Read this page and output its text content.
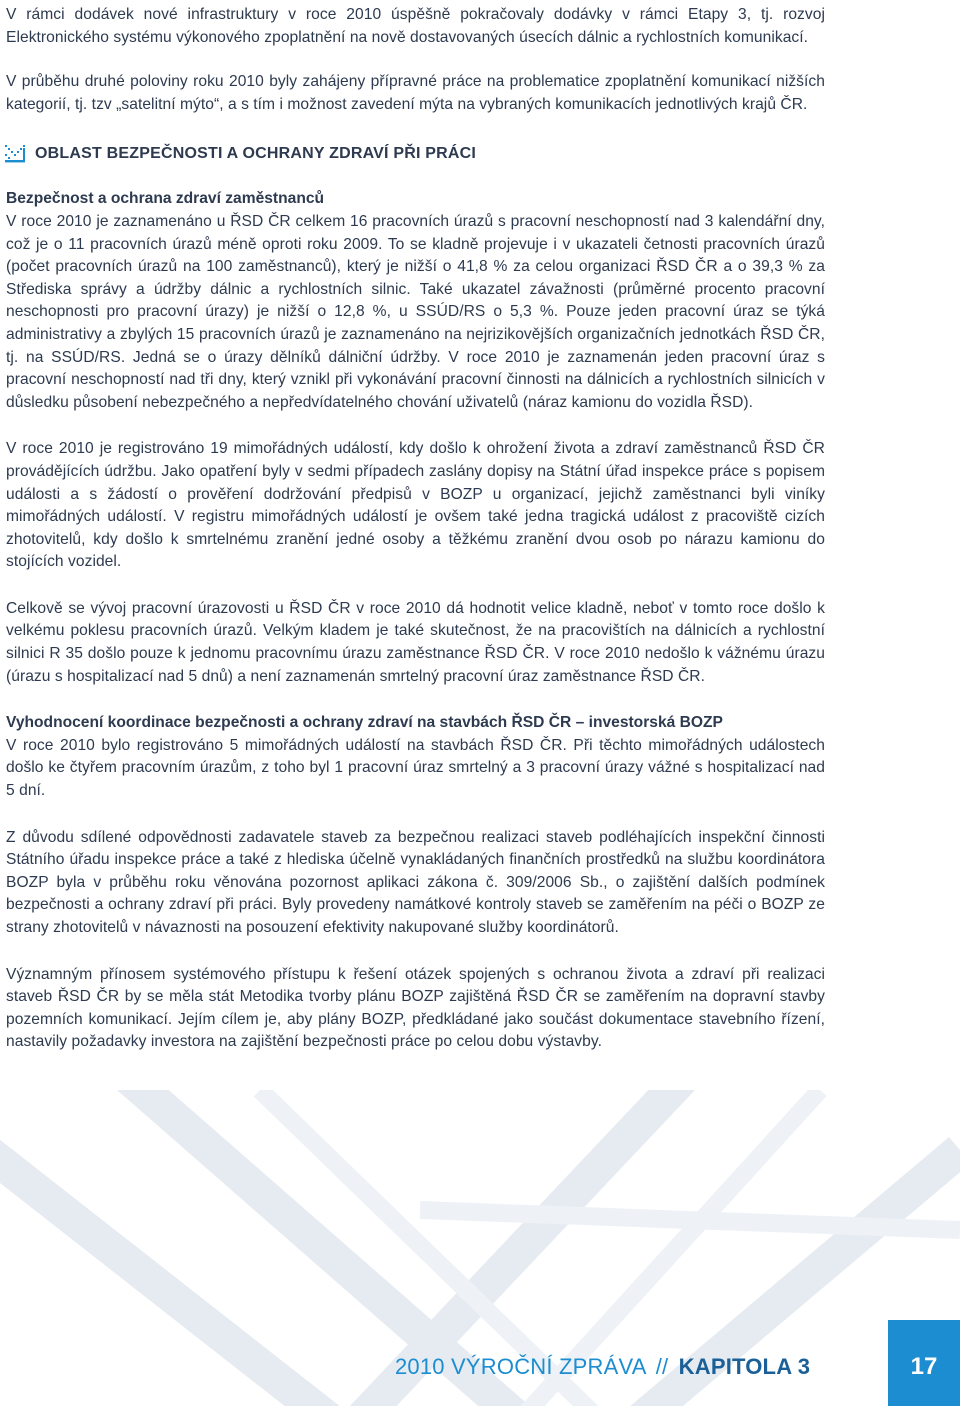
V rámci dodávek nové infrastruktury v roce 2010 úspěšně pokračovaly dodávky v rámci Etapy 3, tj. rozvoj Elektronického systému výkonového zpoplatnění na nově dostavovaných úsecích dálnic a rychlostních komunikací.

V průběhu druhé poloviny roku 2010 byly zahájeny přípravné práce na problematice zpoplatnění komunikací nižších kategorií, tj. tzv „satelitní mýto“, a s tím i možnost zavedení mýta na vybraných komunikacích jednotlivých krajů ČR.

OBLAST BEZPEČNOSTI A OCHRANY ZDRAVÍ PŘI PRÁCI

Bezpečnost a ochrana zdraví zaměstnanců

V roce 2010 je zaznamenáno u ŘSD ČR celkem 16 pracovních úrazů s pracovní neschopností nad 3 kalendářní dny, což je o 11 pracovních úrazů méně oproti roku 2009. To se kladně projevuje i v ukazateli četnosti pracovních úrazů (počet pracovních úrazů na 100 zaměstnanců), který je nižší o 41,8 % za celou organizaci ŘSD ČR a o 39,3 % za Střediska správy a údržby dálnic a rychlostních silnic. Také ukazatel závažnosti (průměrné procento pracovní neschopnosti pro pracovní úrazy) je nižší o 12,8 %, u SSÚD/RS o 5,3 %. Pouze jeden pracovní úraz se týká administrativy a zbylých 15 pracovních úrazů je zaznamenáno na nejrizikovějších organizačních jednotkách ŘSD ČR, tj. na SSÚD/RS. Jedná se o úrazy dělníků dálniční údržby. V roce 2010 je zaznamenán jeden pracovní úraz s pracovní neschopností nad tři dny, který vznikl při vykonávání pracovní činnosti na dálnicích a rychlostních silnicích v důsledku působení nebezpečného a nepředvídatelného chování uživatelů (náraz kamionu do vozidla ŘSD).

V roce 2010 je registrováno 19 mimořádných událostí, kdy došlo k ohrožení života a zdraví zaměstnanců ŘSD ČR provádějících údržbu. Jako opatření byly v sedmi případech zaslány dopisy na Státní úřad inspekce práce s popisem události a s žádostí o prověření dodržování předpisů v BOZP u organizací, jejichž zaměstnanci byli viníky mimořádných událostí. V registru mimořádných událostí je ovšem také jedna tragická událost z pracoviště cizích zhotovitelů, kdy došlo k smrtelnému zranění jedné osoby a těžkému zranění dvou osob po nárazu kamionu do stojících vozidel.

Celkově se vývoj pracovní úrazovosti u ŘSD ČR v roce 2010 dá hodnotit velice kladně, neboť v tomto roce došlo k velkému poklesu pracovních úrazů. Velkým kladem je také skutečnost, že na pracovištích na dálnicích a rychlostní silnici R 35 došlo pouze k jednomu pracovnímu úrazu zaměstnance ŘSD ČR. V roce 2010 nedošlo k vážnému úrazu (úrazu s hospitalizací nad 5 dnů) a není zaznamenán smrtelný pracovní úraz zaměstnance ŘSD ČR.

Vyhodnocení koordinace bezpečnosti a ochrany zdraví na stavbách ŘSD ČR – investorská BOZP

V roce 2010 bylo registrováno 5 mimořádných událostí na stavbách ŘSD ČR. Při těchto mimořádných událostech došlo ke čtyřem pracovním úrazům, z toho byl 1 pracovní úraz smrtelný a 3 pracovní úrazy vážné s hospitalizací nad 5 dní.

Z důvodu sdílené odpovědnosti zadavatele staveb za bezpečnou realizaci staveb podléhajících inspekční činnosti Státního úřadu inspekce práce a také z hlediska účelně vynakládaných finančních prostředků na službu koordinátora BOZP byla v průběhu roku věnována pozornost aplikaci zákona č. 309/2006 Sb., o zajištění dalších podmínek bezpečnosti a ochrany zdraví při práci. Byly provedeny namátkové kontroly staveb se zaměřením na péči o BOZP ze strany zhotovitelů v návaznosti na posouzení efektivity nakupované služby koordinátorů.

Významným přínosem systémového přístupu k řešení otázek spojených s ochranou života a zdraví při realizaci staveb ŘSD ČR by se měla stát Metodika tvorby plánu BOZP zajištěná ŘSD ČR se zaměřením na dopravní stavby pozemních komunikací. Jejím cílem je, aby plány BOZP, předkládané jako součást dokumentace stavebního řízení, nastavily požadavky investora na zajištění bezpečnosti práce po celou dobu výstavby.

2010 VÝROČNÍ ZPRÁVA // KAPITOLA 3	17
